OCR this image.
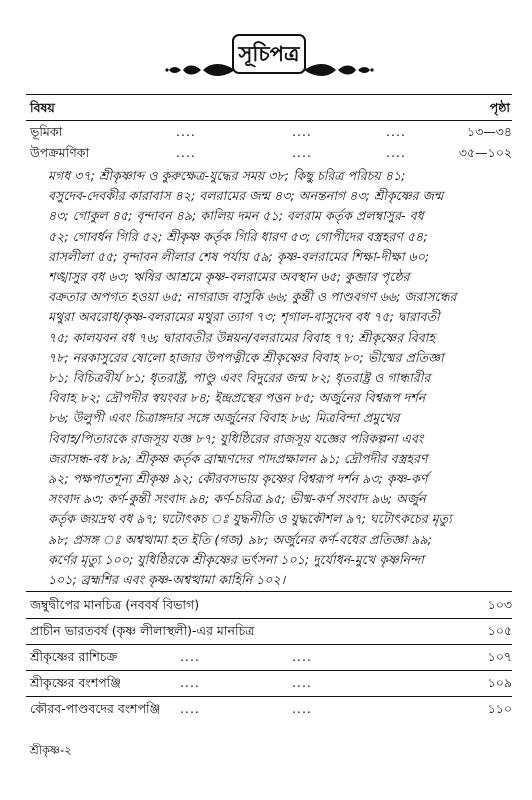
সূচিপত্র
বিষয়	পৃষ্ঠা
ভূমিকা	....	....	....	১৩—৩৪
উপক্রমণিকা	....	....	....	৩৫—১০২
মগধ ৩৭; শ্রীকৃষ্ণাব্দ ও কুরুক্ষেত্র-যুদ্ধের সময় ৩৮; কিছু চরিত্র পরিচয় ৪১;
বসুদেব-দেবকীর কারাবাস ৪২; বলরামের জন্ম ৪৩; অনন্তনাগ ৪৩; শ্রীকৃষ্ণের জন্ম
৪৩; গোকুল ৪৫; বৃন্দাবন ৪৯; কালিয় দমন ৫১; বলরাম কর্তৃক প্রলম্বাসুর- বধ
৫২; গোবর্ধন গিরি ৫২; শ্রীকৃষ্ণ কর্তৃক গিরি ধারণ ৫৩; গোপীদের বস্ত্রহরণ ৫৪;
রাসলীলা ৫৫; বৃন্দাবন লীলার শেষ পর্যায় ৫৯; কৃষ্ণ-বলরামের শিক্ষা-দীক্ষা ৬০;
শঙ্খাসুর বধ ৬৩; ঋষির আশ্রমে কৃষ্ণ-বলরামের অবস্থান ৬৫; কুব্জার পৃষ্ঠের
বক্রতার অপগত হওয়া ৬৫; নাগরাজ বাসুকি ৬৬; কুন্তী ও পাণ্ডবগণ ৬৬; জরাসন্ধের
মথুরা অবরোধ/কৃষ্ণ-বলরামের মথুরা ত্যাগ ৭৩; শৃগাল-বাসুদেব বধ ৭৫; দ্বারাবতী
৭৫; কালযবন বধ ৭৬; দ্বারাবতীর উন্নয়ন/বলরামের বিবাহ ৭৭; শ্রীকৃষ্ণের বিবাহ
৭৮; নরকাসুরের ষোলো হাজার উপপত্নীকে শ্রীকৃষ্ণের বিবাহ ৮০; ভীষ্মের প্রতিজ্ঞা
৮১; বিচিত্রবীর্য ৮১; ধৃতরাষ্ট্র, পাণ্ডু এবং বিদুরের জন্ম ৮২; ধৃতরাষ্ট্র ও গান্ধারীর
বিবাহ ৮২; দ্রৌপদীর স্বয়ংবর ৮৪; ইন্দ্রপ্রস্থের পত্তন ৮৫; অর্জুনের বিশ্বরূপ দর্শন
৮৬; উলুপী এবং চিত্রাঙ্গদার সঙ্গে অর্জুনের বিবাহ ৮৬; মিত্রবিন্দা প্রমুখের
বিবাহ/পিতারকে রাজসূয় যজ্ঞ ৮৭; যুধিষ্ঠিরের রাজসূয় যজ্ঞের পরিকল্পনা এবং
জরাসন্ধ-বধ ৮৯; শ্রীকৃষ্ণ কর্তৃক ব্রাহ্মণদের পাদপ্রক্ষালন ৯১; দ্রৌপদীর বস্ত্রহরণ
৯২; পক্ষপাতশূন্য শ্রীকৃষ্ণ ৯২; কৌরবসভায় কৃষ্ণের বিশ্বরূপ দর্শন ৯৩; কৃষ্ণ-কর্ণ
সংবাদ ৯৩; কর্ণ-কুন্তী সংবাদ ৯৪; কর্ণ-চরিত্র ৯৫; ভীষ্ম-কর্ণ সংবাদ ৯৬; অর্জুন
কর্তৃক জয়দ্রথ বধ ৯৭; ঘটোৎকচ ঃ যুদ্ধনীতি ও যুদ্ধকৌশল ৯৭; ঘটোৎকচের মৃত্যু
৯৮; প্রসঙ্গ ঃ অশ্বত্থামা হত ইতি (গজ) ৯৮; অর্জুনের কর্ণ-বধের প্রতিজ্ঞা ৯৯;
কর্ণের মৃত্যু ১০০; যুধিষ্ঠিরকে শ্রীকৃষ্ণের ভর্ৎসনা ১০১; দুর্যোধন-মুখে কৃষ্ণনিন্দা
১০১; ব্রহ্মশির এবং কৃষ্ণ-অশ্বত্থামা কাহিনি ১০২।
জম্বুদ্বীপের মানচিত্র (নববর্ষ বিভাগ)	১০৩
প্রাচীন ভারতবর্ষ (কৃষ্ণ লীলাস্থলী)-এর মানচিত্র	১০৫
শ্রীকৃষ্ণের রাশিচক্র	....	....	১০৭
শ্রীকৃষ্ণের বংশপঞ্জি	....	....	১০৯
কৌরব-পাণ্ডবদের বংশপঞ্জি ....	....	১১০
শ্রীকৃষ্ণ-২
